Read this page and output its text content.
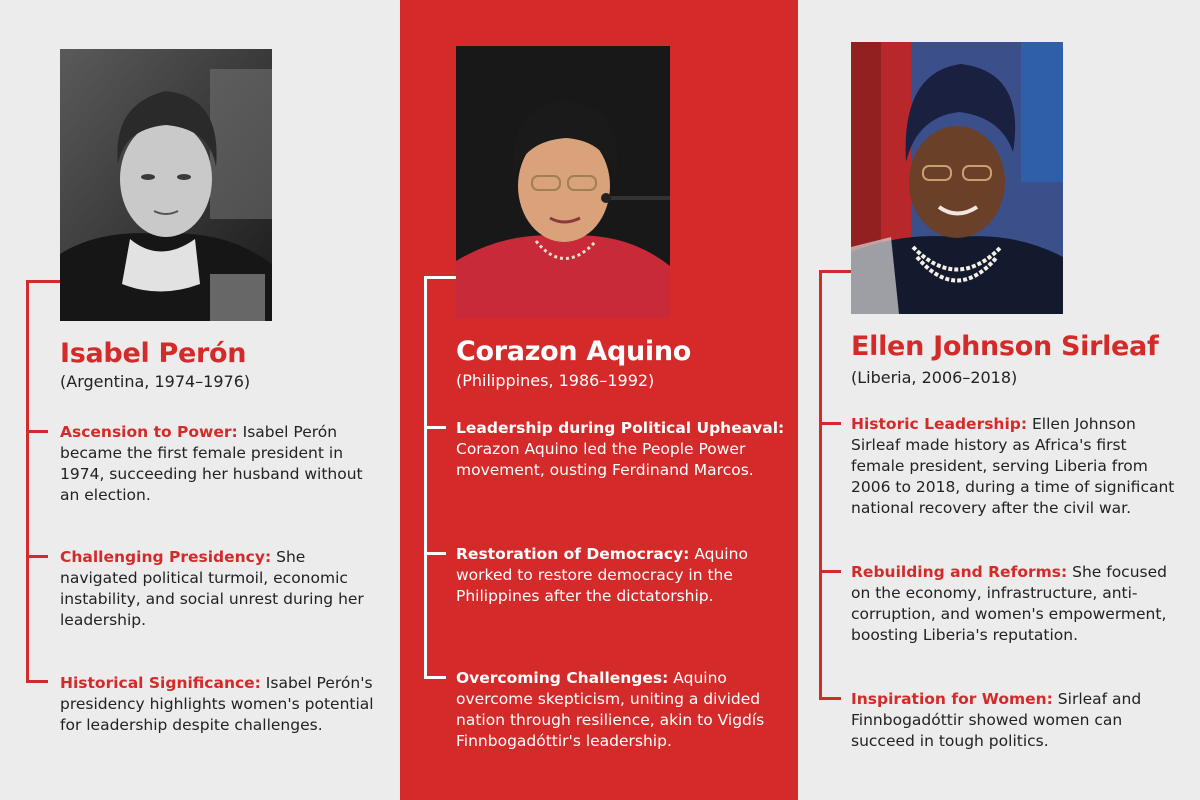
Isabel Perón
(Argentina, 1974–1976)
Ascension to Power: Isabel Perón became the first female president in 1974, succeeding her husband without an election.
Challenging Presidency: She navigated political turmoil, economic instability, and social unrest during her leadership.
Historical Significance: Isabel Perón's presidency highlights women's potential for leadership despite challenges.
Corazon Aquino
(Philippines, 1986–1992)
Leadership during Political Upheaval: Corazon Aquino led the People Power movement, ousting Ferdinand Marcos.
Restoration of Democracy: Aquino worked to restore democracy in the Philippines after the dictatorship.
Overcoming Challenges: Aquino overcome skepticism, uniting a divided nation through resilience, akin to Vigdís Finnbogadóttir's leadership.
Ellen Johnson Sirleaf
(Liberia, 2006–2018)
Historic Leadership: Ellen Johnson Sirleaf made history as Africa's first female president, serving Liberia from 2006 to 2018, during a time of significant national recovery after the civil war.
Rebuilding and Reforms: She focused on the economy, infrastructure, anti-corruption, and women's empowerment, boosting Liberia's reputation.
Inspiration for Women: Sirleaf and Finnbogadóttir showed women can succeed in tough politics.
